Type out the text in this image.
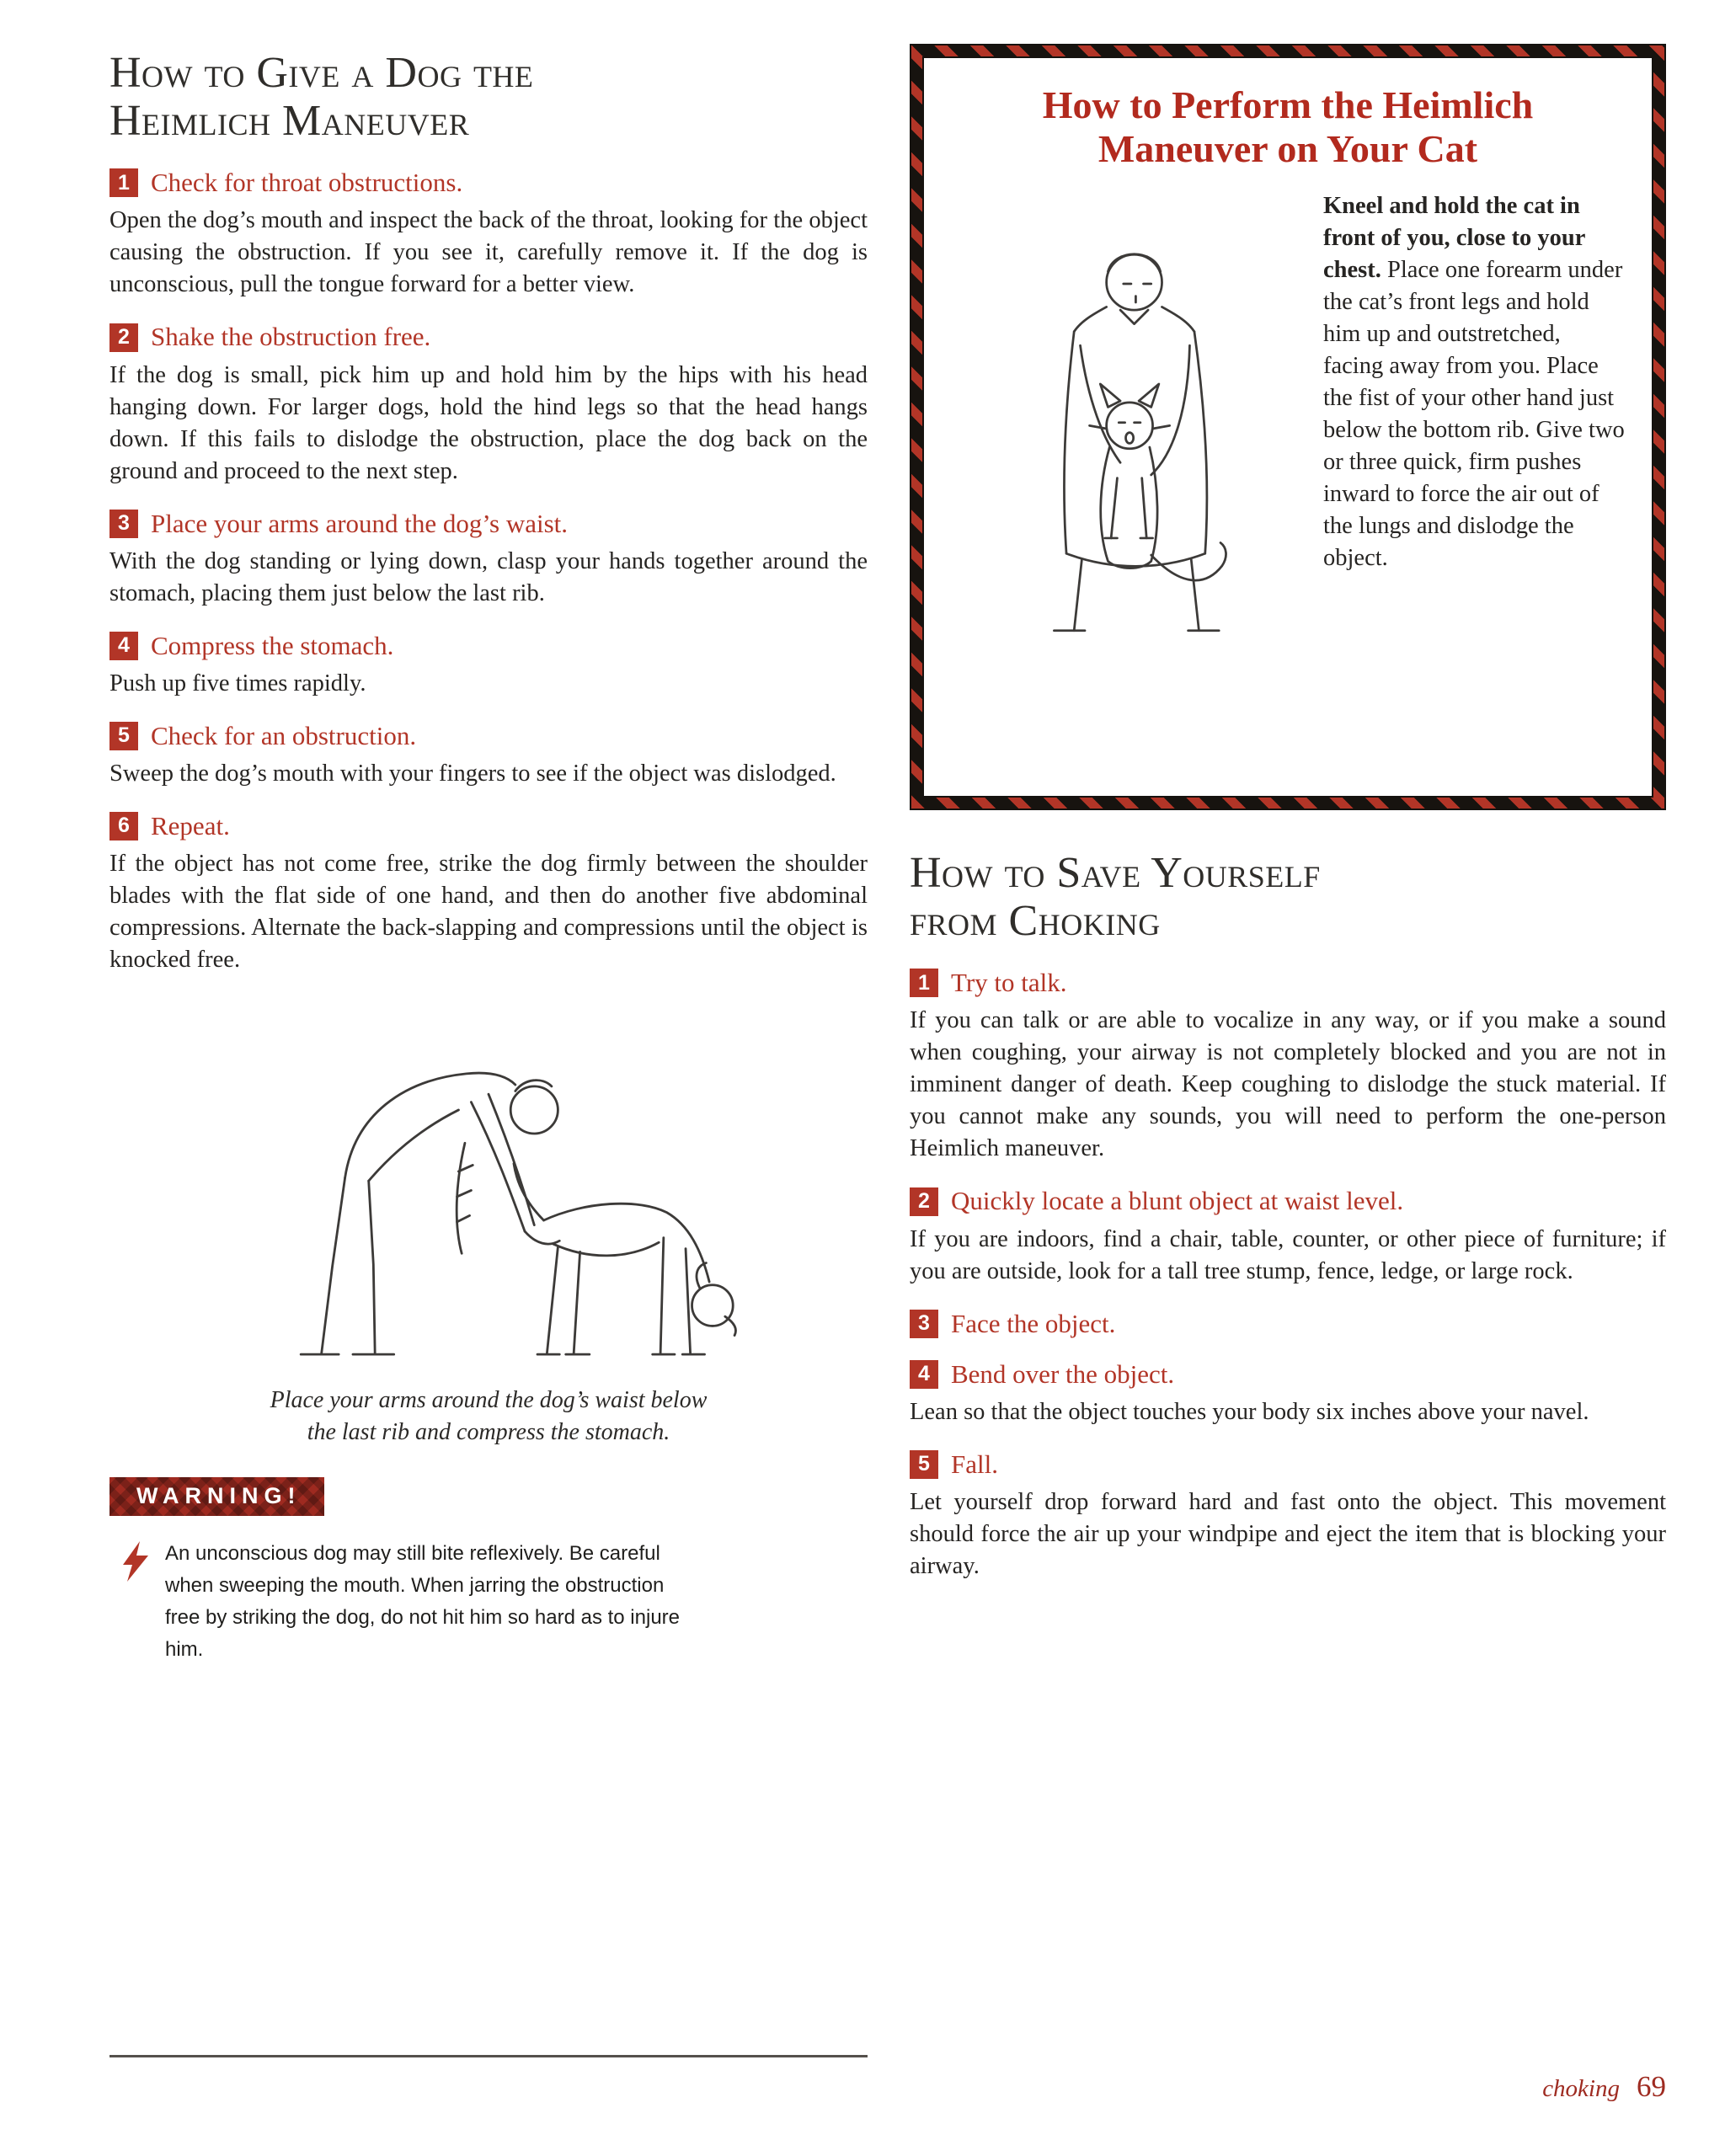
How to Give a Dog the
Heimlich Maneuver
1 Check for throat obstructions.

Open the dog’s mouth and inspect the back of the throat, looking for the object causing the obstruction. If you see it, carefully remove it. If the dog is unconscious, pull the tongue forward for a better view.

2 Shake the obstruction free.

If the dog is small, pick him up and hold him by the hips with his head hanging down. For larger dogs, hold the hind legs so that the head hangs down. If this fails to dislodge the obstruction, place the dog back on the ground and proceed to the next step.

3 Place your arms around the dog’s waist.

With the dog standing or lying down, clasp your hands together around the stomach, placing them just below the last rib.

4 Compress the stomach.

Push up five times rapidly.

5 Check for an obstruction.

Sweep the dog’s mouth with your fingers to see if the object was dislodged.

6 Repeat.

If the object has not come free, strike the dog firmly between the shoulder blades with the flat side of one hand, and then do another five abdominal compressions. Alternate the back-slapping and compressions until the object is knocked free.

Place your arms around the dog’s waist below
the last rib and compress the stomach.
WARNING!

An unconscious dog may still bite reflexively. Be careful when sweeping the mouth. When jarring the obstruction free by striking the dog, do not hit him so hard as to injure him.

How to Perform the Heimlich
Maneuver on Your Cat

Kneel and hold the cat in front of you, close to your chest. Place one forearm under the cat’s front legs and hold him up and outstretched, facing away from you. Place the fist of your other hand just below the bottom rib. Give two or three quick, firm pushes inward to force the air out of the lungs and dislodge the object.

How to Save Yourself
from Choking
1 Try to talk.

If you can talk or are able to vocalize in any way, or if you make a sound when coughing, your airway is not completely blocked and you are not in imminent danger of death. Keep coughing to dislodge the stuck material. If you cannot make any sounds, you will need to perform the one-person Heimlich maneuver.

2 Quickly locate a blunt object at waist level.

If you are indoors, find a chair, table, counter, or other piece of furniture; if you are outside, look for a tall tree stump, fence, ledge, or large rock.

3 Face the object.
4 Bend over the object.

Lean so that the object touches your body six inches above your navel.

5 Fall.

Let yourself drop forward hard and fast onto the object. This movement should force the air up your windpipe and eject the item that is blocking your airway.

choking 69
